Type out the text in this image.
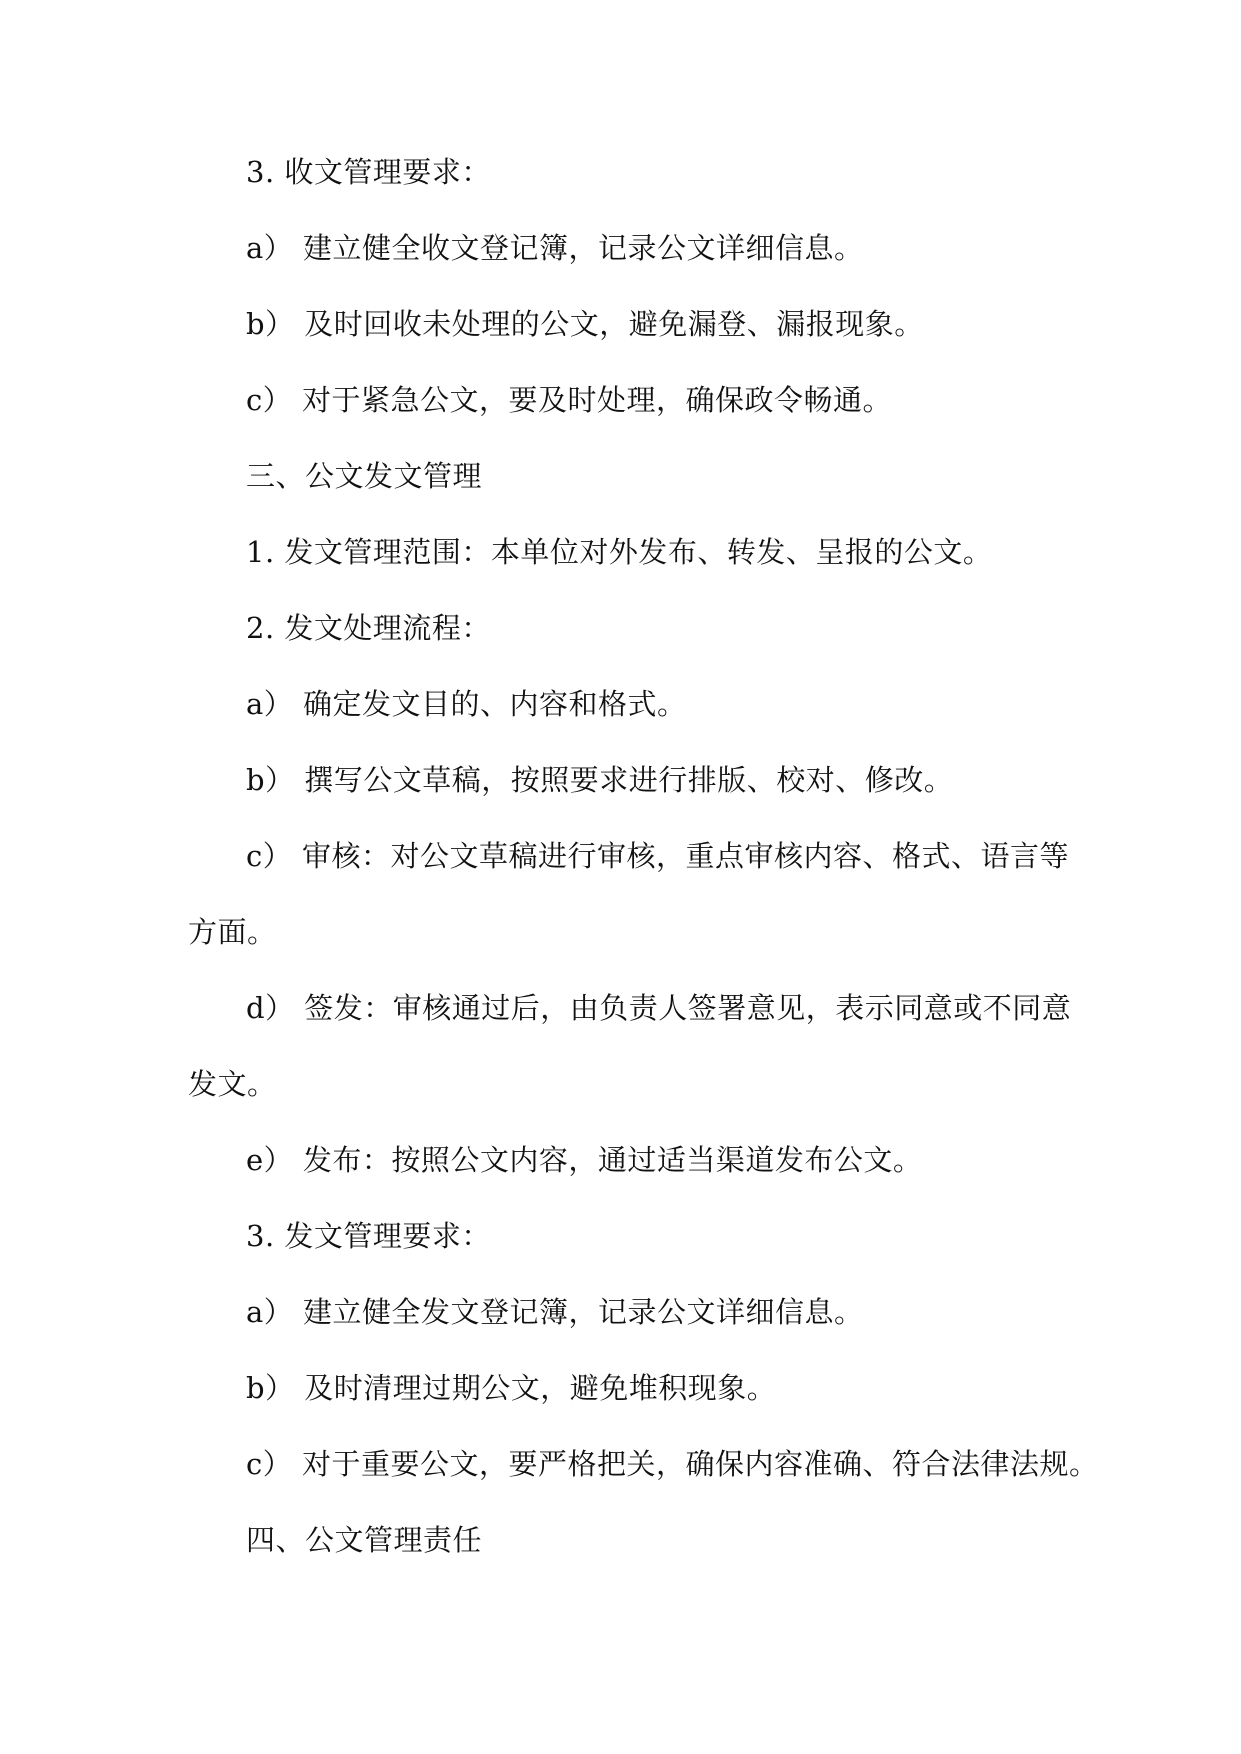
3. 收文管理要求：
a） 建立健全收文登记簿，记录公文详细信息。
b） 及时回收未处理的公文，避免漏登、漏报现象。
c） 对于紧急公文，要及时处理，确保政令畅通。
三、公文发文管理
1. 发文管理范围：本单位对外发布、转发、呈报的公文。
2. 发文处理流程：
a） 确定发文目的、内容和格式。
b） 撰写公文草稿，按照要求进行排版、校对、修改。
c） 审核：对公文草稿进行审核，重点审核内容、格式、语言等
方面。
d） 签发：审核通过后，由负责人签署意见，表示同意或不同意
发文。
e） 发布：按照公文内容，通过适当渠道发布公文。
3. 发文管理要求：
a） 建立健全发文登记簿，记录公文详细信息。
b） 及时清理过期公文，避免堆积现象。
c） 对于重要公文，要严格把关，确保内容准确、符合法律法规。
四、公文管理责任
